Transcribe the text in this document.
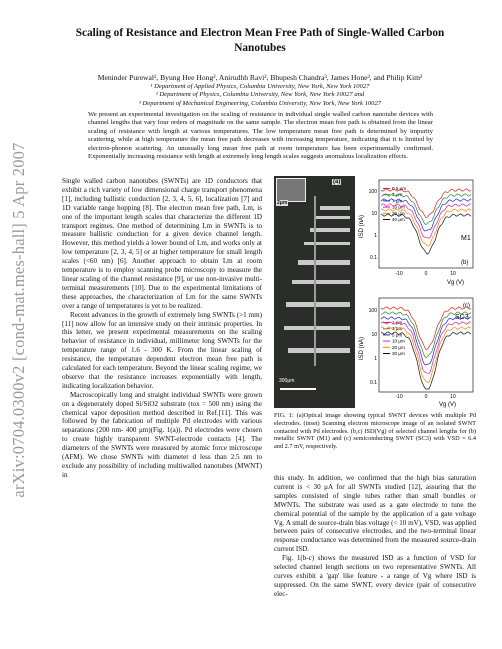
arXiv:0704.0300v2 [cond-mat.mes-hall] 5 Apr 2007
Scaling of Resistance and Electron Mean Free Path of Single-Walled Carbon
Nanotubes
Meninder Purewal¹, Byung Hee Hong², Anirudhh Ravi², Bhupesh Chandra³, James Hone³, and Philip Kim²
¹ Department of Applied Physics, Columbia University, New York, New York 10027
² Department of Physics, Columbia University, New York, New York 10027 and
³ Department of Mechanical Engineering, Columbia University, New York, New York 10027
We present an experimental investigation on the scaling of resistance in individual single walled carbon nanotube devices with channel lengths that vary four orders of magnitude on the same sample. The electron mean free path is obtained from the linear scaling of resistance with length at various temperatures. The low temperature mean free path is determined by impurity scattering, while at high temperature the mean free path decreases with increasing temperature, indicating that it is limited by electron-phonon scattering. An unusually long mean free path at room temperature has been experimentally confirmed. Exponentially increasing resistance with length at extremely long length scales suggests anomalous localization effects.

Single walled carbon nanotubes (SWNTs) are 1D conductors that exhibit a rich variety of low dimensional charge transport phenomena [1], including ballistic conduction [2, 3, 4, 5, 6], localization [7] and 1D variable range hopping [8]. The electron mean free path, Lm, is one of the important length scales that characterize the different 1D transport regimes. One method of determining Lm in SWNTs is to measure ballistic conduction for a given device channel length. However, this method yields a lower bound of Lm, and works only at low temperature [2, 3, 4, 5] or at higher temperature for small length scales (<60 nm) [6]. Another approach to obtain Lm at room temperature is to employ scanning probe microscopy to measure the linear scaling of the channel resistance [9], or use non-invasive multi-terminal measurements [10]. Due to the experimental limitations of these approaches, the characterization of Lm for the same SWNTs over a range of temperatures is yet to be realized.

Recent advances in the growth of extremely long SWNTs (>1 mm) [11] now allow for an intensive study on their intrinsic properties. In this letter, we present experimental measurements on the scaling behavior of resistance in individual, millimeter long SWNTs for the temperature range of 1.6 - 300 K. From the linear scaling of resistance, the temperature dependent electron mean free path is calculated for each temperature. Beyond the linear scaling regime, we observe that the resistance increases exponentially with length, indicating localization behavior.

Macroscopically long and straight individual SWNTs were grown on a degenerately doped Si/SiO2 substrate (tox = 500 nm) using the chemical vapor deposition method described in Ref.[11]. This was followed by the fabrication of multiple Pd electrodes with various separations (200 nm- 400 μm)(Fig. 1(a)). Pd electrodes were chosen to create highly transparent SWNT-electrode contacts [4]. The diameters of the SWNTs were measured by atomic force microscope (AFM). We chose SWNTs with diameter d less than 2.5 nm to exclude any possibility of including multiwalled nanotubes (MWNT) in

2μm
(a)
300μm
ISD (nA)
100
10
1
0.1
-10	0	10
Vg (V)
M1
(b)
0.8 μm
3 μm
7 μm
10 μm
20 μm
40 μm
ISD (nA)
100
10
1
0.1
-10	0	10
Vg (V)
(c)
SC3
1 μm
3 μm
5 μm
10 μm
20 μm
30 μm
FIG. 1: (a)Optical image showing typical SWNT devices with multiple Pd electrodes. (inset) Scanning electron microscope image of an isolated SWNT contacted with Pd electrodes. (b,c) ISD(Vg) of selected channel lengths for (b) metallic SWNT (M1) and (c) semiconducting SWNT (SC3) with VSD = 6.4 and 2.7 mV, respectively.

this study. In addition, we confirmed that the high bias saturation current is < 30 μA for all SWNTs studied [12], assuring that the samples consisted of single tubes rather than small bundles or MWNTs. The substrate was used as a gate electrode to tune the chemical potential of the sample by the application of a gate voltage Vg. A small de source-drain bias voltage (< 10 mV), VSD, was applied between pairs of consecutive electrodes, and the two-terminal linear response conductance was determined from the measured source-drain current ISD.

Fig. 1(b-c) shows the measured ISD as a function of VSD for selected channel length sections on two representative SWNTs. All curves exhibit a 'gap' like feature - a range of Vg where ISD is suppressed. On the same SWNT, every device (pair of consecutive elec-
